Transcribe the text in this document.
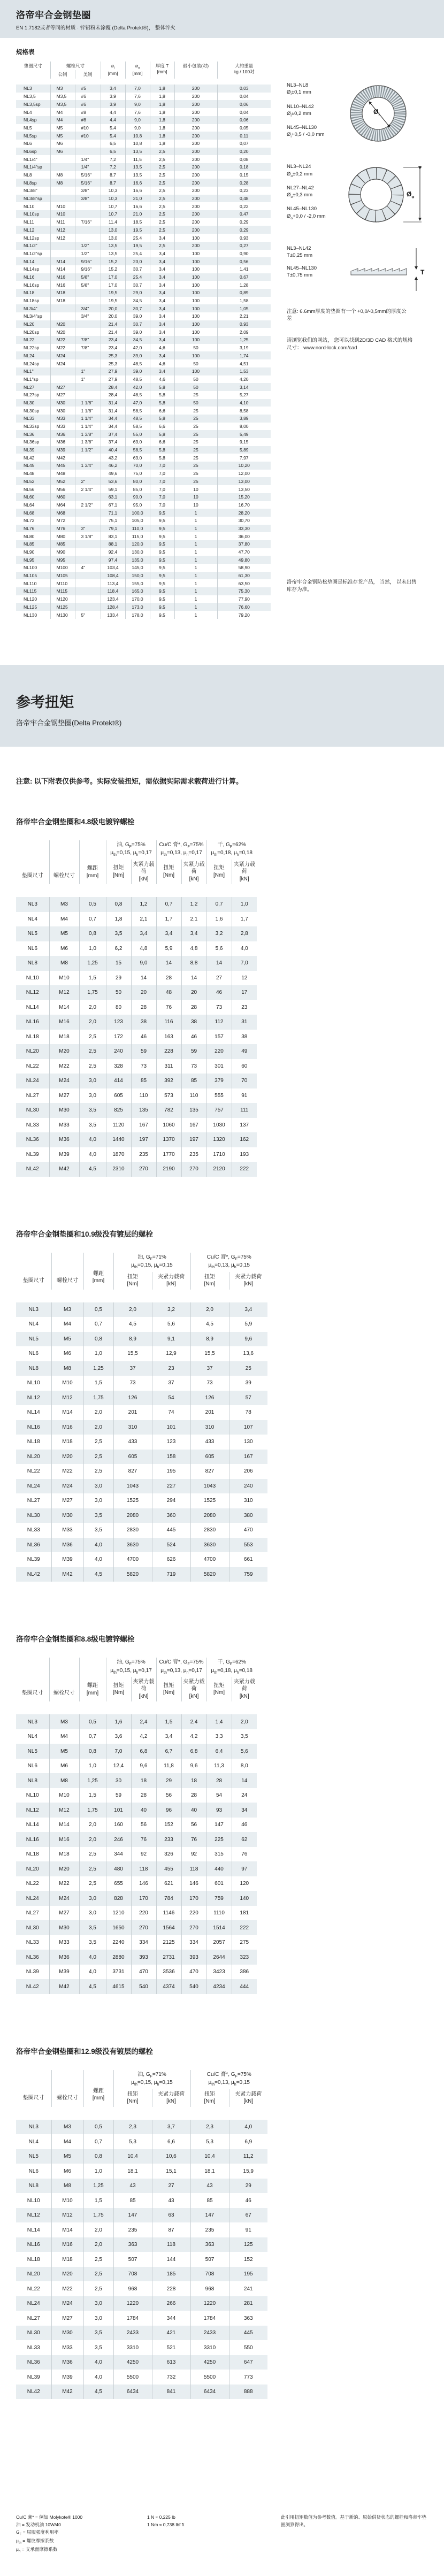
洛帝牢合金钢垫圈
EN 1.7182或者等同的材质 · 锌铝粉末涂覆 (Delta Protekt®)， 整体淬火
规格表
垫圈尺寸	螺栓尺寸		$ø_i$
[mm]	$ø_o$
[mm]	厚度 T
[mm]	最小包装(对)	大约重量
kg / 100对
	公制	美制					
NL3	M3	#5	3,4	7,0	1,8	200	0,03
NL3,5	M3,5	#6	3,9	7,6	1,8	200	0,04
NL3,5sp	M3,5	#6	3,9	9,0	1,8	200	0,06
NL4	M4	#8	4,4	7,6	1,8	200	0,04
NL4sp	M4	#8	4,4	9,0	1,8	200	0,06
NL5	M5	#10	5,4	9,0	1,8	200	0,05
NL5sp	M5	#10	5,4	10,8	1,8	200	0,11
NL6	M6		6,5	10,8	1,8	200	0,07
NL6sp	M6		6,5	13,5	2,5	200	0,20
NL1/4"		1/4"	7,2	11,5	2,5	200	0,08
NL1/4"sp		1/4"	7,2	13,5	2,5	200	0,18
NL8	M8	5/16"	8,7	13,5	2,5	200	0,15
NL8sp	M8	5/16"	8,7	16,6	2,5	200	0,28
NL3/8"		3/8"	10,3	16,6	2,5	200	0,23
NL3/8"sp		3/8"	10,3	21,0	2,5	200	0,48
NL10	M10		10,7	16,6	2,5	200	0,22
NL10sp	M10		10,7	21,0	2,5	200	0,47
NL11	M11	7/16"	11,4	18,5	2,5	200	0,29
NL12	M12		13,0	19,5	2,5	200	0,29
NL12sp	M12		13,0	25,4	3,4	100	0,93
NL1/2"		1/2"	13,5	19,5	2,5	200	0,27
NL1/2"sp		1/2"	13,5	25,4	3,4	100	0,90
NL14	M14	9/16"	15,2	23,0	3,4	100	0,56
NL14sp	M14	9/16"	15,2	30,7	3,4	100	1,41
NL16	M16	5/8"	17,0	25,4	3,4	100	0,67
NL16sp	M16	5/8"	17,0	30,7	3,4	100	1,28
NL18	M18		19,5	29,0	3,4	100	0,89
NL18sp	M18		19,5	34,5	3,4	100	1,58
NL3/4"		3/4"	20,0	30,7	3,4	100	1,05
NL3/4"sp		3/4"	20,0	39,0	3,4	100	2,21
NL20	M20		21,4	30,7	3,4	100	0,93
NL20sp	M20		21,4	39,0	3,4	100	2,09
NL22	M22	7/8"	23,4	34,5	3,4	100	1,25
NL22sp	M22	7/8"	23,4	42,0	4,6	50	3,19
NL24	M24		25,3	39,0	3,4	100	1,74
NL24sp	M24		25,3	48,5	4,6	50	4,51
NL1"		1"	27,9	39,0	3,4	100	1,53
NL1"sp		1"	27,9	48,5	4,6	50	4,20
NL27	M27		28,4	42,0	5,8	50	3,14
NL27sp	M27		28,4	48,5	5,8	25	5,27
NL30	M30	1 1/8"	31,4	47,0	5,8	50	4,10
NL30sp	M30	1 1/8"	31,4	58,5	6,6	25	8,58
NL33	M33	1 1/4"	34,4	48,5	5,8	25	3,89
NL33sp	M33	1 1/4"	34,4	58,5	6,6	25	8,00
NL36	M36	1 3/8"	37,4	55,0	5,8	25	5,49
NL36sp	M36	1 3/8"	37,4	63,0	6,6	25	9,15
NL39	M39	1 1/2"	40,4	58,5	5,8	25	5,89
NL42	M42		43,2	63,0	5,8	25	7,97
NL45	M45	1 3/4"	46,2	70,0	7,0	25	10,20
NL48	M48		49,6	75,0	7,0	25	12,00
NL52	M52	2"	53,6	80,0	7,0	25	13,00
NL56	M56	2 1/4"	59,1	85,0	7,0	10	13,50
NL60	M60		63,1	90,0	7,0	10	15,20
NL64	M64	2 1/2"	67,1	95,0	7,0	10	16,70
NL68	M68		71,1	100,0	9,5	1	28,20
NL72	M72		75,1	105,0	9,5	1	30,70
NL76	M76	3"	79,1	110,0	9,5	1	33,30
NL80	M80	3 1/8"	83,1	115,0	9,5	1	36,00
NL85	M85		88,1	120,0	9,5	1	37,80
NL90	M90		92,4	130,0	9,5	1	47,70
NL95	M95		97,4	135,0	9,5	1	49,80
NL100	M100	4"	103,4	145,0	9,5	1	58,90
NL105	M105		108,4	150,0	9,5	1	61,30
NL110	M110		113,4	155,0	9,5	1	63,50
NL115	M115		118,4	165,0	9,5	1	75,30
NL120	M120		123,4	170,0	9,5	1	77,90
NL125	M125		128,4	173,0	9,5	1	76,60
NL130	M130	5"	133,4	178,0	9,5	1	79,20
NL3–NL8
$Ø_i\pm 0,1$ mm
NL10–NL42
$Ø_i\pm 0,2$ mm
NL45–NL130
$Ø_i+0,5 / -0,0$ mm
$Ø_i$
NL3–NL24
$Ø_o\pm 0,2$ mm
NL27–NL42
$Ø_o\pm 0,3$ mm
NL45–NL130
$Ø_o+0,0 / -2,0$ mm
$Ø_o$
NL3–NL42
T±0,25 mm
NL45–NL130
T±0,75 mm	T
注意: 6.6mm厚度的垫圈有一个 +0,0/-0,5mm的厚度公差
请浏览我们的网站， 您可以找到2D/3D CAD 格式的规格尺寸： www.nord-lock.com/cad
洛帝牢合金钢防松垫圈是标准存货产品， 当然， 以未出售库存为准。
参考扭矩
洛帝牢合金钢垫圈(Delta Protekt®)

注意: 以下附表仅供参考。实际安装扭矩，需依据实际需求载荷进行计算。

洛帝牢合金钢垫圈和4.8级电镀锌螺栓
垫圈尺寸	螺栓尺寸	螺距
[mm]	油, $G_F=75\%$
$\mu_{th}=0,15$, $\mu_h=0,17$		Cu/C 膏*, $G_F=75\%$
$\mu_{th}=0,13$, $\mu_h=0,17$		干, $G_F=62\%$
$\mu_{th}=0,18$, $\mu_h=0,18$	
			扭矩
[Nm]	夹紧力载荷
[kN]	扭矩
[Nm]	夹紧力载荷
[kN]	扭矩
[Nm]	夹紧力载荷
[kN]
NL3	M3	0,5	0,8	1,2	0,7	1,2	0,7	1,0
NL4	M4	0,7	1,8	2,1	1,7	2,1	1,6	1,7
NL5	M5	0,8	3,5	3,4	3,4	3,4	3,2	2,8
NL6	M6	1,0	6,2	4,8	5,9	4,8	5,6	4,0
NL8	M8	1,25	15	9,0	14	8,8	14	7,0
NL10	M10	1,5	29	14	28	14	27	12
NL12	M12	1,75	50	20	48	20	46	17
NL14	M14	2,0	80	28	76	28	73	23
NL16	M16	2,0	123	38	116	38	112	31
NL18	M18	2,5	172	46	163	46	157	38
NL20	M20	2,5	240	59	228	59	220	49
NL22	M22	2,5	328	73	311	73	301	60
NL24	M24	3,0	414	85	392	85	379	70
NL27	M27	3,0	605	110	573	110	555	91
NL30	M30	3,5	825	135	782	135	757	111
NL33	M33	3,5	1120	167	1060	167	1030	137
NL36	M36	4,0	1440	197	1370	197	1320	162
NL39	M39	4,0	1870	235	1770	235	1710	193
NL42	M42	4,5	2310	270	2190	270	2120	222
洛帝牢合金钢垫圈和10.9级没有镀层的螺栓
垫圈尺寸	螺栓尺寸	螺距
[mm]	油, $G_F=71\%$
$\mu_{th}=0,15$, $\mu_h=0,15$		Cu/C 膏*, $G_F=75\%$
$\mu_{th}=0,13$, $\mu_h=0,15$	
			扭矩
[Nm]	夹紧力载荷
[kN]	扭矩
[Nm]	夹紧力载荷
[kN]
NL3	M3	0,5	2,0	3,2	2,0	3,4
NL4	M4	0,7	4,5	5,6	4,5	5,9
NL5	M5	0,8	8,9	9,1	8,9	9,6
NL6	M6	1,0	15,5	12,9	15,5	13,6
NL8	M8	1,25	37	23	37	25
NL10	M10	1,5	73	37	73	39
NL12	M12	1,75	126	54	126	57
NL14	M14	2,0	201	74	201	78
NL16	M16	2,0	310	101	310	107
NL18	M18	2,5	433	123	433	130
NL20	M20	2,5	605	158	605	167
NL22	M22	2,5	827	195	827	206
NL24	M24	3,0	1043	227	1043	240
NL27	M27	3,0	1525	294	1525	310
NL30	M30	3,5	2080	360	2080	380
NL33	M33	3,5	2830	445	2830	470
NL36	M36	4,0	3630	524	3630	553
NL39	M39	4,0	4700	626	4700	661
NL42	M42	4,5	5820	719	5820	759
洛帝牢合金钢垫圈和8.8级电镀锌螺栓
垫圈尺寸	螺栓尺寸	螺距
[mm]	油, $G_F=75\%$
$\mu_{th}=0,15$, $\mu_h=0,17$		Cu/C 膏*, $G_F=75\%$
$\mu_{th}=0,13$, $\mu_h=0,17$		干, $G_F=62\%$
$\mu_{th}=0,18$, $\mu_h=0,18$	
			扭矩
[Nm]	夹紧力载荷
[kN]	扭矩
[Nm]	夹紧力载荷
[kN]	扭矩
[Nm]	夹紧力载荷
[kN]
NL3	M3	0,5	1,6	2,4	1,5	2,4	1,4	2,0
NL4	M4	0,7	3,6	4,2	3,4	4,2	3,3	3,5
NL5	M5	0,8	7,0	6,8	6,7	6,8	6,4	5,6
NL6	M6	1,0	12,4	9,6	11,8	9,6	11,3	8,0
NL8	M8	1,25	30	18	29	18	28	14
NL10	M10	1,5	59	28	56	28	54	24
NL12	M12	1,75	101	40	96	40	93	34
NL14	M14	2,0	160	56	152	56	147	46
NL16	M16	2,0	246	76	233	76	225	62
NL18	M18	2,5	344	92	326	92	315	76
NL20	M20	2,5	480	118	455	118	440	97
NL22	M22	2,5	655	146	621	146	601	120
NL24	M24	3,0	828	170	784	170	759	140
NL27	M27	3,0	1210	220	1146	220	1110	181
NL30	M30	3,5	1650	270	1564	270	1514	222
NL33	M33	3,5	2240	334	2125	334	2057	275
NL36	M36	4,0	2880	393	2731	393	2644	323
NL39	M39	4,0	3731	470	3536	470	3423	386
NL42	M42	4,5	4615	540	4374	540	4234	444
洛帝牢合金钢垫圈和12.9级没有镀层的螺栓
垫圈尺寸	螺栓尺寸	螺距
[mm]	油, $G_F=71\%$
$\mu_{th}=0,15$, $\mu_h=0,15$		Cu/C 膏*, $G_F=75\%$
$\mu_{th}=0,13$, $\mu_h=0,15$	
			扭矩
[Nm]	夹紧力载荷
[kN]	扭矩
[Nm]	夹紧力载荷
[kN]
NL3	M3	0,5	2,3	3,7	2,3	4,0
NL4	M4	0,7	5,3	6,6	5,3	6,9
NL5	M5	0,8	10,4	10,6	10,4	11,2
NL6	M6	1,0	18,1	15,1	18,1	15,9
NL8	M8	1,25	43	27	43	29
NL10	M10	1,5	85	43	85	46
NL12	M12	1,75	147	63	147	67
NL14	M14	2,0	235	87	235	91
NL16	M16	2,0	363	118	363	125
NL18	M18	2,5	507	144	507	152
NL20	M20	2,5	708	185	708	195
NL22	M22	2,5	968	228	968	241
NL24	M24	3,0	1220	266	1220	281
NL27	M27	3,0	1784	344	1784	363
NL30	M30	3,5	2433	421	2433	445
NL33	M33	3,5	3310	521	3310	550
NL36	M36	4,0	4250	613	4250	647
NL39	M39	4,0	5500	732	5500	773
NL42	M42	4,5	6434	841	6434	888
Cu/C 膏* = 例如 Molykote® 1000
油 = 发动机油 10W/40
$G_F$ = 屈服强度利用率
$\mu_{th}$ = 螺纹摩擦系数
$\mu_h$ = 支承面摩擦系数
1 N ≈ 0,225 lb
1 Nm ≈ 0,738 lbf ft
此引用扭矩数值为参考数值。基于新的、原始供货状态的螺栓和洛帝牢垫圈测算得出。
